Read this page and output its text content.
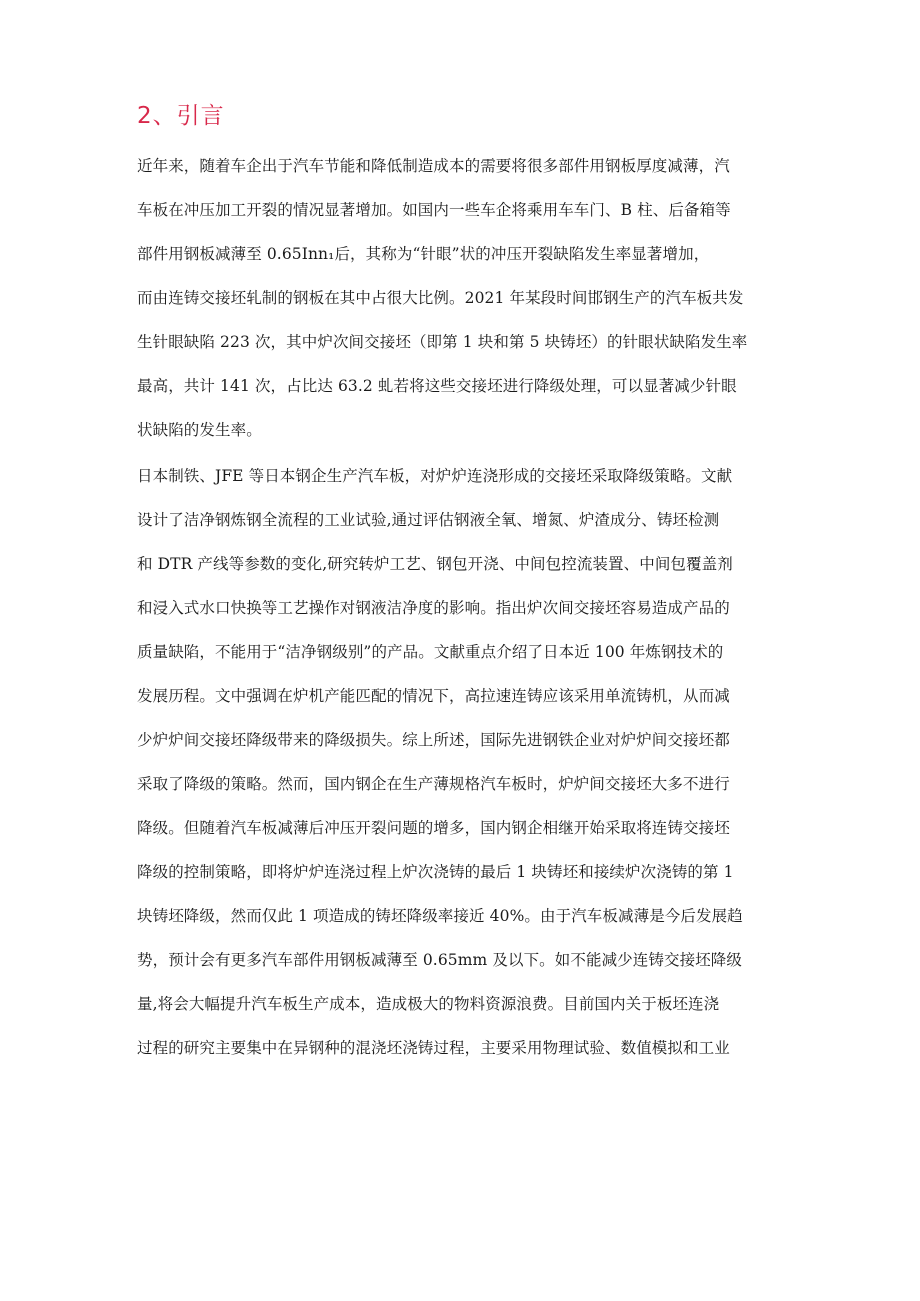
2、引言
近年来，随着车企出于汽车节能和降低制造成本的需要将很多部件用钢板厚度减薄，汽
车板在冲压加工开裂的情况显著增加。如国内一些车企将乘用车车门、B 柱、后备箱等
部件用钢板减薄至 0.65Inn₁后，其称为“针眼”状的冲压开裂缺陷发生率显著增加，
而由连铸交接坯轧制的钢板在其中占很大比例。2021 年某段时间邯钢生产的汽车板共发
生针眼缺陷 223 次，其中炉次间交接坯（即第 1 块和第 5 块铸坯）的针眼状缺陷发生率
最高，共计 141 次，占比达 63.2 虬若将这些交接坯进行降级处理，可以显著减少针眼
状缺陷的发生率。
日本制铁、JFE 等日本钢企生产汽车板，对炉炉连浇形成的交接坯采取降级策略。文献
设计了洁净钢炼钢全流程的工业试验,通过评估钢液全氧、增氮、炉渣成分、铸坯检测
和 DTR 产线等参数的变化,研究转炉工艺、钢包开浇、中间包控流装置、中间包覆盖剂
和浸入式水口快换等工艺操作对钢液洁净度的影响。指出炉次间交接坯容易造成产品的
质量缺陷，不能用于“洁净钢级别”的产品。文献重点介绍了日本近 100 年炼钢技术的
发展历程。文中强调在炉机产能匹配的情况下，高拉速连铸应该采用单流铸机，从而减
少炉炉间交接坯降级带来的降级损失。综上所述，国际先进钢铁企业对炉炉间交接坯都
采取了降级的策略。然而，国内钢企在生产薄规格汽车板时，炉炉间交接坯大多不进行
降级。但随着汽车板减薄后冲压开裂问题的增多，国内钢企相继开始采取将连铸交接坯
降级的控制策略，即将炉炉连浇过程上炉次浇铸的最后 1 块铸坯和接续炉次浇铸的第 1
块铸坯降级，然而仅此 1 项造成的铸坯降级率接近 40%。由于汽车板减薄是今后发展趋
势，预计会有更多汽车部件用钢板减薄至 0.65mm 及以下。如不能减少连铸交接坯降级
量,将会大幅提升汽车板生产成本，造成极大的物料资源浪费。目前国内关于板坯连浇
过程的研究主要集中在异钢种的混浇坯浇铸过程，主要采用物理试验、数值模拟和工业
